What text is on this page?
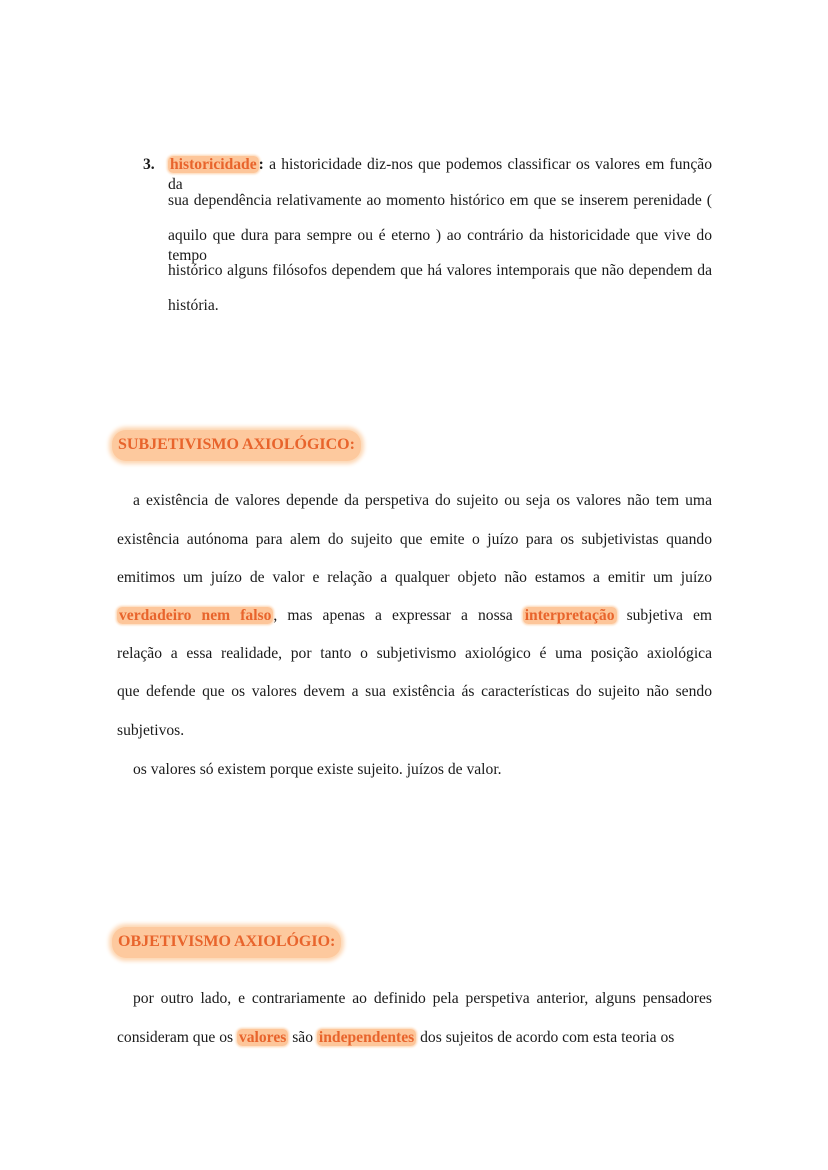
3. historicidade : a historicidade diz-nos que podemos classificar os valores em função da
sua dependência relativamente ao momento histórico em que se inserem perenidade (
aquilo que dura para sempre ou é eterno ) ao contrário da historicidade que vive do tempo
histórico alguns filósofos dependem que há valores intemporais que não dependem da
história.
SUBJETIVISMO AXIOLÓGICO:
a existência de valores depende da perspetiva do sujeito ou seja os valores não tem uma
existência autónoma para alem do sujeito que emite o juízo para os subjetivistas quando
emitimos um juízo de valor e relação a qualquer objeto não estamos a emitir um juízo
verdadeiro nem falso , mas apenas a expressar a nossa interpretação subjetiva em
relação a essa realidade, por tanto o subjetivismo axiológico é uma posição axiológica
que defende que os valores devem a sua existência ás características do sujeito não sendo
subjetivos.
os valores só existem porque existe sujeito. juízos de valor.
OBJETIVISMO AXIOLÓGIO:
por outro lado, e contrariamente ao definido pela perspetiva anterior, alguns pensadores
consideram que os valores são independentes dos sujeitos de acordo com esta teoria os
